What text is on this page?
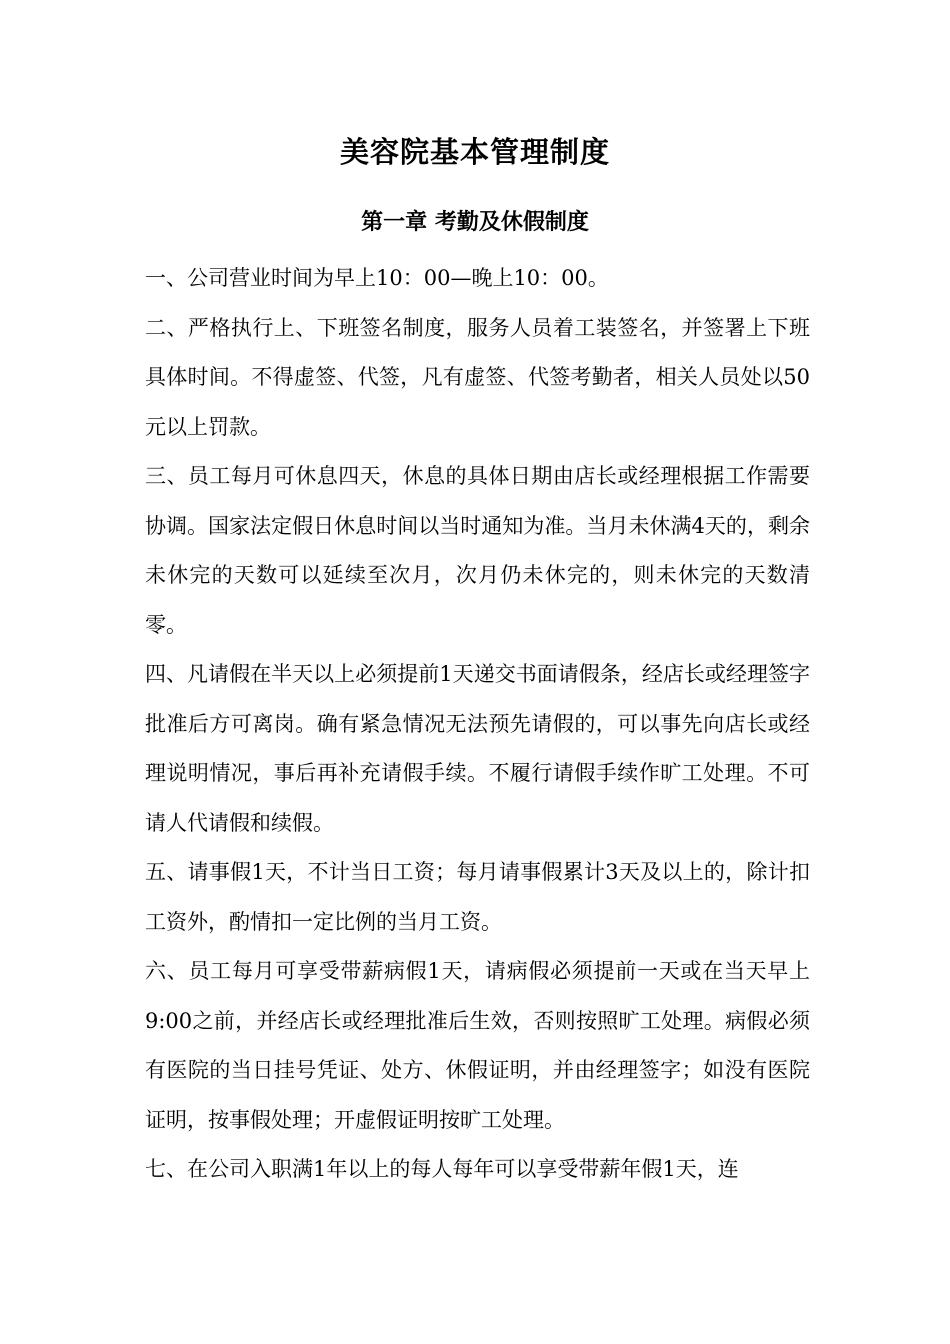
美容院基本管理制度
第一章 考勤及休假制度

一、公司营业时间为早上10：00—晚上10：00。

二、严格执行上、下班签名制度，服务人员着工装签名，并签署上下班具体时间。不得虚签、代签，凡有虚签、代签考勤者，相关人员处以50元以上罚款。

三、员工每月可休息四天，休息的具体日期由店长或经理根据工作需要协调。国家法定假日休息时间以当时通知为准。当月未休满4天的，剩余未休完的天数可以延续至次月，次月仍未休完的，则未休完的天数清零。

四、凡请假在半天以上必须提前1天递交书面请假条，经店长或经理签字批准后方可离岗。确有紧急情况无法预先请假的，可以事先向店长或经理说明情况，事后再补充请假手续。不履行请假手续作旷工处理。不可请人代请假和续假。

五、请事假1天，不计当日工资；每月请事假累计3天及以上的，除计扣工资外，酌情扣一定比例的当月工资。

六、员工每月可享受带薪病假1天，请病假必须提前一天或在当天早上9:00之前，并经店长或经理批准后生效，否则按照旷工处理。病假必须有医院的当日挂号凭证、处方、休假证明，并由经理签字；如没有医院证明，按事假处理；开虚假证明按旷工处理。

七、在公司入职满1年以上的每人每年可以享受带薪年假1天，连
